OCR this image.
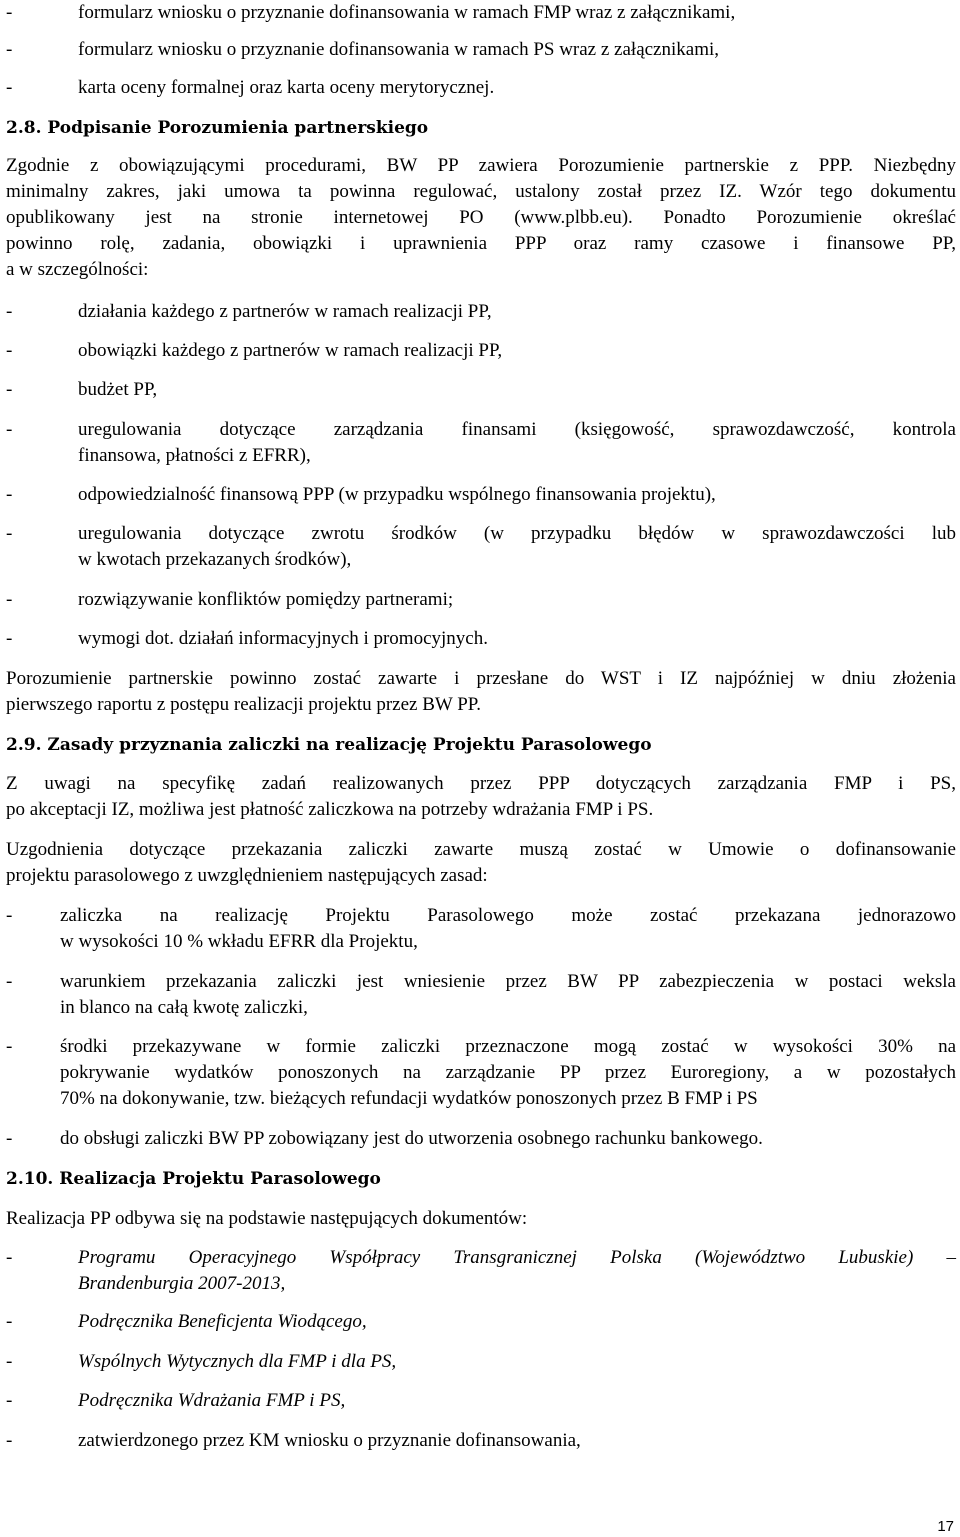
-	formularz wniosku o przyznanie dofinansowania w ramach FMP wraz z załącznikami,
-	formularz wniosku o przyznanie dofinansowania w ramach PS wraz z załącznikami,
-	karta oceny formalnej oraz karta oceny merytorycznej.
2.8. Podpisanie Porozumienia partnerskiego
Zgodnie z obowiązującymi procedurami, BW PP zawiera Porozumienie partnerskie z PPP. Niezbędny
minimalny zakres, jaki umowa ta powinna regulować, ustalony został przez IZ. Wzór tego dokumentu
opublikowany jest na stronie internetowej PO (www.plbb.eu). Ponadto Porozumienie określać
powinno rolę, zadania, obowiązki i uprawnienia PPP oraz ramy czasowe i finansowe PP,
a w szczególności:
-	działania każdego z partnerów w ramach realizacji PP,
-	obowiązki każdego z partnerów w ramach realizacji PP,
-	budżet PP,
-	uregulowania dotyczące zarządzania finansami (księgowość, sprawozdawczość, kontrola
finansowa, płatności z EFRR),
-	odpowiedzialność finansową PPP (w przypadku wspólnego finansowania projektu),
-	uregulowania dotyczące zwrotu środków (w przypadku błędów w sprawozdawczości lub
w kwotach przekazanych środków),
-	rozwiązywanie konfliktów pomiędzy partnerami;
-	wymogi dot. działań informacyjnych i promocyjnych.
Porozumienie partnerskie powinno zostać zawarte i przesłane do WST i IZ najpóźniej w dniu złożenia
pierwszego raportu z postępu realizacji projektu przez BW PP.
2.9. Zasady przyznania zaliczki na realizację Projektu Parasolowego
Z uwagi na specyfikę zadań realizowanych przez PPP dotyczących zarządzania FMP i PS,
po akceptacji IZ, możliwa jest płatność zaliczkowa na potrzeby wdrażania FMP i PS.
Uzgodnienia dotyczące przekazania zaliczki zawarte muszą zostać w Umowie o dofinansowanie
projektu parasolowego z uwzględnieniem następujących zasad:
-	zaliczka na realizację Projektu Parasolowego może zostać przekazana jednorazowo
w wysokości 10 % wkładu EFRR dla Projektu,
-	warunkiem przekazania zaliczki jest wniesienie przez BW PP zabezpieczenia w postaci weksla
in blanco na całą kwotę zaliczki,
-	środki przekazywane w formie zaliczki przeznaczone mogą zostać w wysokości 30% na
pokrywanie wydatków ponoszonych na zarządzanie PP przez Euroregiony, a w pozostałych
70% na dokonywanie, tzw. bieżących refundacji wydatków ponoszonych przez B FMP i PS
-	do obsługi zaliczki BW PP zobowiązany jest do utworzenia osobnego rachunku bankowego.
2.10. Realizacja Projektu Parasolowego
Realizacja PP odbywa się na podstawie następujących dokumentów:
-	Programu Operacyjnego Współpracy Transgranicznej Polska (Województwo Lubuskie) –
Brandenburgia 2007-2013,
-	Podręcznika Beneficjenta Wiodącego,
-	Wspólnych Wytycznych dla FMP i dla PS,
-	Podręcznika Wdrażania FMP i PS,
-	zatwierdzonego przez KM wniosku o przyznanie dofinansowania,
17
